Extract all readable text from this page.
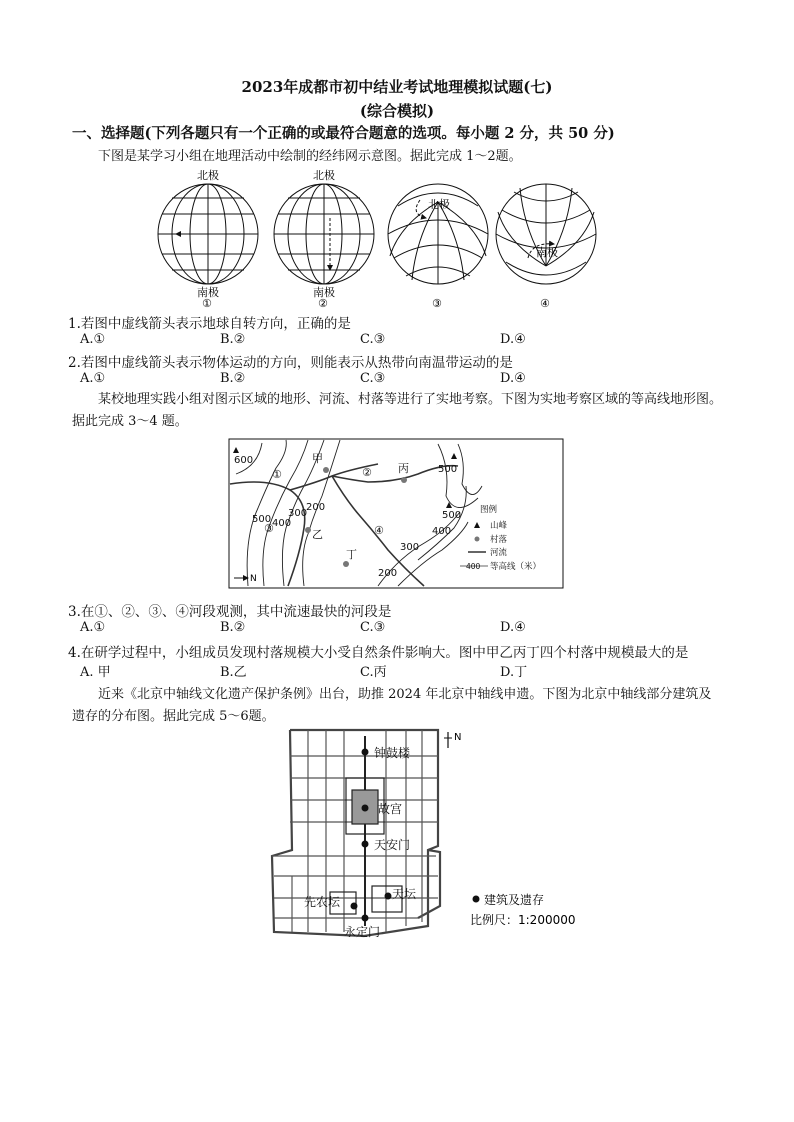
2023年成都市初中结业考试地理模拟试题(七)
(综合模拟)
一、选择题(下列各题只有一个正确的或最符合题意的选项。每小题 2 分，共 50 分)
下图是某学习小组在地理活动中绘制的经纬网示意图。据此完成 1～2题。
北极
南极
①
北极
南极
②
北极
③
南极
④
1.若图中虚线箭头表示地球自转方向，正确的是
A.①	B.②	C.③	D.④
2.若图中虚线箭头表示物体运动的方向，则能表示从热带向南温带运动的是
A.①	B.②	C.③	D.④
某校地理实践小组对图示区域的地形、河流、村落等进行了实地考察。下图为实地考察区域的等高线地形图。据此完成 3～4 题。
600
500 400
300
200
200
300
400
500
500
甲
乙
丙
丁
①	②
③	④
N
图例
山峰
村落
河流
400 等高线（米）
3.在①、②、③、④河段观测，其中流速最快的河段是
A.①	B.②	C.③	D.④
4.在研学过程中，小组成员发现村落规模大小受自然条件影响大。图中甲乙丙丁四个村落中规模最大的是
A. 甲	B.乙	C.丙	D.丁
近来《北京中轴线文化遗产保护条例》出台，助推 2024 年北京中轴线申遗。下图为北京中轴线部分建筑及遗存的分布图。据此完成 5～6题。
钟鼓楼
故宫
天安门
天坛
先农坛
永定门
N
建筑及遗存
比例尺：1:200000
